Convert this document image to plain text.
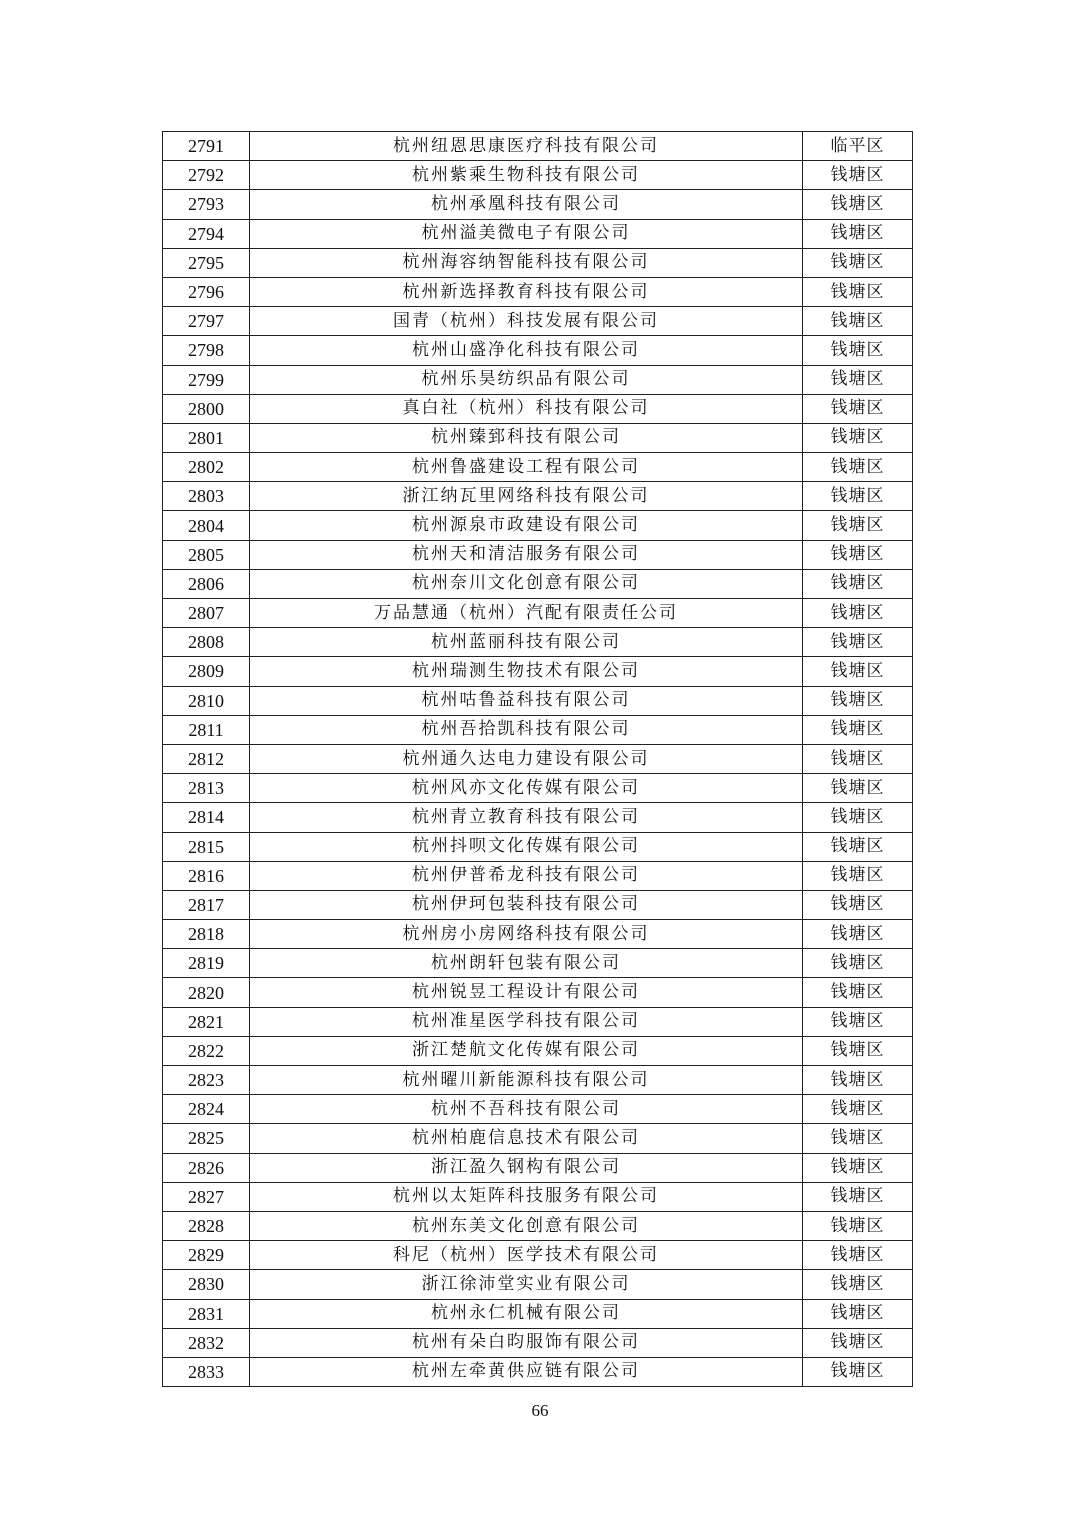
2791	杭州纽恩思康医疗科技有限公司	临平区
2792	杭州紫乘生物科技有限公司	钱塘区
2793	杭州承凰科技有限公司	钱塘区
2794	杭州溢美微电子有限公司	钱塘区
2795	杭州海容纳智能科技有限公司	钱塘区
2796	杭州新选择教育科技有限公司	钱塘区
2797	国青（杭州）科技发展有限公司	钱塘区
2798	杭州山盛净化科技有限公司	钱塘区
2799	杭州乐昊纺织品有限公司	钱塘区
2800	真白社（杭州）科技有限公司	钱塘区
2801	杭州臻郅科技有限公司	钱塘区
2802	杭州鲁盛建设工程有限公司	钱塘区
2803	浙江纳瓦里网络科技有限公司	钱塘区
2804	杭州源泉市政建设有限公司	钱塘区
2805	杭州天和清洁服务有限公司	钱塘区
2806	杭州奈川文化创意有限公司	钱塘区
2807	万品慧通（杭州）汽配有限责任公司	钱塘区
2808	杭州蓝丽科技有限公司	钱塘区
2809	杭州瑞测生物技术有限公司	钱塘区
2810	杭州咕鲁益科技有限公司	钱塘区
2811	杭州吾拾凯科技有限公司	钱塘区
2812	杭州通久达电力建设有限公司	钱塘区
2813	杭州风亦文化传媒有限公司	钱塘区
2814	杭州青立教育科技有限公司	钱塘区
2815	杭州抖呗文化传媒有限公司	钱塘区
2816	杭州伊普希龙科技有限公司	钱塘区
2817	杭州伊珂包装科技有限公司	钱塘区
2818	杭州房小房网络科技有限公司	钱塘区
2819	杭州朗轩包装有限公司	钱塘区
2820	杭州锐昱工程设计有限公司	钱塘区
2821	杭州准星医学科技有限公司	钱塘区
2822	浙江楚航文化传媒有限公司	钱塘区
2823	杭州曜川新能源科技有限公司	钱塘区
2824	杭州不吾科技有限公司	钱塘区
2825	杭州柏鹿信息技术有限公司	钱塘区
2826	浙江盈久钢构有限公司	钱塘区
2827	杭州以太矩阵科技服务有限公司	钱塘区
2828	杭州东美文化创意有限公司	钱塘区
2829	科尼（杭州）医学技术有限公司	钱塘区
2830	浙江徐沛堂实业有限公司	钱塘区
2831	杭州永仁机械有限公司	钱塘区
2832	杭州有朵白昀服饰有限公司	钱塘区
2833	杭州左牵黄供应链有限公司	钱塘区
66
